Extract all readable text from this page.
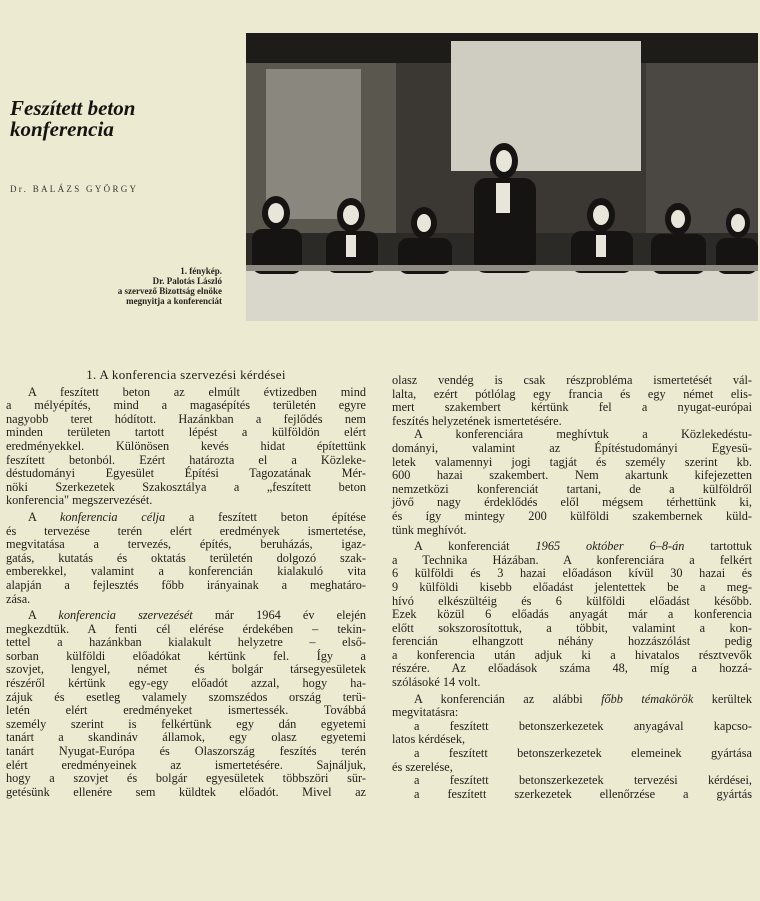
Feszített beton
konferencia
Dr. BALÁZS GYÖRGY
1. fénykép.
Dr. Palotás László
a szervező Bizottság elnöke
megnyitja a konferenciát
1. A konferencia szervezési kérdései
A feszített beton az elmúlt évtizedben mind
a mélyépítés, mind a magasépítés területén egyre
nagyobb teret hódított. Hazánkban a fejlődés nem
minden területen tartott lépést a külföldön elért
eredményekkel. Különösen kevés hidat építettünk
feszített betonból. Ezért határozta el a Közleke-
déstudományi Egyesület Építési Tagozatának Mér-
nöki Szerkezetek Szakosztálya a „feszített beton
konferencia" megszervezését.
A konferencia célja a feszített beton építése
és tervezése terén elért eredmények ismertetése,
megvitatása a tervezés, építés, beruházás, igaz-
gatás, kutatás és oktatás területén dolgozó szak-
emberekkel, valamint a konferencián kialakuló vita
alapján a fejlesztés főbb irányainak a meghatáro-
zása.
A konferencia szervezését már 1964 év elején
megkezdtük. A fenti cél elérése érdekében – tekin-
tettel a hazánkban kialakult helyzetre – első-
sorban külföldi előadókat kértünk fel. Így a
szovjet, lengyel, német és bolgár társegyesületek
részéről kértünk egy-egy előadót azzal, hogy ha-
zájuk és esetleg valamely szomszédos ország terü-
letén elért eredményeket ismertessék. Továbbá
személy szerint is felkértünk egy dán egyetemi
tanárt a skandináv államok, egy olasz egyetemi
tanárt Nyugat-Európa és Olaszország feszítés terén
elért eredményeinek az ismertetésére. Sajnáljuk,
hogy a szovjet és bolgár egyesületek többszöri sür-
getésünk ellenére sem küldtek előadót. Mivel az
olasz vendég is csak részprobléma ismertetését vál-
lalta, ezért pótlólag egy francia és egy német elis-
mert szakembert kértünk fel a nyugat-európai
feszítés helyzetének ismertetésére.
A konferenciára meghívtuk a Közlekedéstu-
dományi, valamint az Építéstudományi Egyesü-
letek valamennyi jogi tagját és személy szerint kb.
600 hazai szakembert. Nem akartunk kifejezetten
nemzetközi konferenciát tartani, de a külföldről
jövő nagy érdeklődés elől mégsem térhettünk ki,
és így mintegy 200 külföldi szakembernek küld-
tünk meghívót.
A konferenciát 1965 október 6–8-án tartottuk
a Technika Házában. A konferenciára a felkért
6 külföldi és 3 hazai előadáson kívül 30 hazai és
9 külföldi kisebb előadást jelentettek be a meg-
hívó elkészültéig és 6 külföldi előadást később.
Ezek közül 6 előadás anyagát már a konferencia
előtt sokszorosítottuk, a többit, valamint a kon-
ferencián elhangzott néhány hozzászólást pedig
a konferencia után adjuk ki a hivatalos résztvevők
részére. Az előadások száma 48, míg a hozzá-
szólásoké 14 volt.
A konferencián az alábbi főbb témakörök kerültek
megvitatásra:
a feszített betonszerkezetek anyagával kapcso-
latos kérdések,
a feszített betonszerkezetek elemeinek gyártása
és szerelése,
a feszített betonszerkezetek tervezési kérdései,
a feszített szerkezetek ellenőrzése a gyártás
